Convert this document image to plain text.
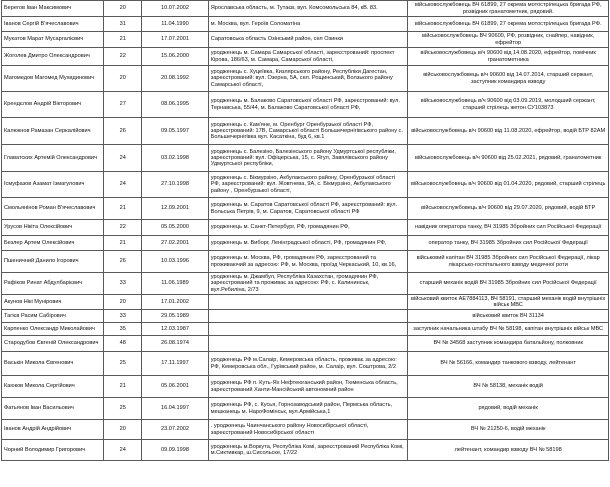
Берегов Іван Максимович	20	10.07.2002	Ярославська область, м. Тутаєв, вул. Комсомольська 84, кВ. 83.	військовослужбовець ВЧ 61899, 27 окрема мотострілецька бригада РФ, розвідник гранатометник, рядовий.
Іванов Сергій В'ячеславович	31	11.04.1990	м. Москва, вул. Героїв Соломатіна	військовослужбовець ВЧ 61899, 27 окрема мотострілецька бригада РФ.
Мукатов Марат Мусаргалієвич	21	17.07.2001	Саратовська область Озінський район, сел Озинки	військовослужбовець ВЧ 90600, РФ, розвідник, снайпер, навідник, ефрейтор
Жоголев Дмитро Олександрович	22	15.06.2000	уродженець м. Самара Самарської області, зареєстрований: проспект Кірова, 186/63, м. Самара, Самарської області,	військовослужбовець в/ч 90600 від 14.08.2020, ефрейтор, помічник гранатометника
Магомедов Магомед Мухидинович	20	20.08.1992	уродженець с. Хуцеївка, Кизлярського району, Республіки Дагестан, зареєстрований: вул. Озерна, 5А, сел. Рощинський, Волзького району Самарської області,	військовослужбовець в/ч 90600 від 14.07.2014, старший сержант, заступник командира взводу
Крендєлов Андрій Вікторович	27	08.06.1995	уродженець м. Балаково Саратовської області РФ, зареєстрований: вул. Тернавська, 55/44, м. Балаково Саратовської області РФ,	військовослужбовець в/ч 90600 від 03.09.2019, молодший сержант, старший стрілець жетон СУ103873
Калюкнов Рамазан Серкалійович	26	09.05.1997	уродженець с. Кам'яне, м. Оренбург Оренбурзької області РФ, зареєстрований: 17В, Самарської області Большечернігівського району с. Большечернігівка вул. Касаткіна, буд 6, кв.1	військовослужбовець в/ч 90600 від 11.08.2020, ефрейтор, водій БТР 82АМ
Главатских Артемій Олександрович	24	03.02.1998	уродженець с. Балезіно, Балезінського району Удмуртської республіки, зареєстрований: вул. Офіцерська, 15, с. Ягул, Завялівського району Удмуртської республіки,	військовослужбовець в/ч 90600 від 25.02.2021, рядовий, гранатометник
Ісмуфазов Азамат Ізмагулович	24	27.10.1998	уродженець с. Бікмурзіно, Акбулакського району, Оренбурзької області РФ, зареєстрований: вул. Жовтнева, 9А, с. Бікмурзіно, Акбулакського району , Оренбурзької області,	військовослужбовець в/ч 90600 від 01.04.2020, рядовий, старший стрілець
Смольянінов Роман В'ячеславович	21	12.09.2001	уродженець м. Саратов Саратовської області РФ, зареєстрований: вул. Вольська Петрів, 9, м. Саратов, Саратовської області РФ	військовослужбовець в/ч 90600 від 29.07.2020, рядовий, водій БТР
Урусов Нікіта Олексійович	22	05.05.2000	уродженець м. Санкт-Петербург, РФ, громадянин РФ,	навідник оператора танку, ВЧ 31985 Збройних сил Російської Федерації
Безлер Артем Олексійович	21	27.02.2001	уродженець м. Виборг, Ленінградської області, РФ, громадянин РФ,	оператор танку, ВЧ 31985 Збройних сил Російської Федерації
Пшеничний Данило Ігорович	26	10.03.1996	уродженець м. Москва, РФ, громадянин РФ, зареєстрований та проживаючий за адресою: РФ, м. Москва, проїзд Черкаський, 10, кв.16,	військовий капітан ВЧ 31985 Збройних сил Російської Федерації, лікар лікарсько-госпітального взводу медичної роти
Рафіков Ринат Абдулбарієвич	33	11.06.1989	уродженець м. Джамбул, Республіка Казахстан, громадянин РФ, зареєстрований та проживає за адресою: РФ, с. Калининськ, вул.Ребиліна, 2/73	старший механік водій ВЧ 31985 Збройних сил Російської Федерації
Акунов Нікі Мунірович	20	17.01.2002		військовий квиток АЕ7884113, ВЧ 58191, старший механік водій внутрішніх військ МВС
Тагієв Расим Сабірович	33	29.05.1989		військовий квиток ВЧ 31134
Карпенко Олександр Миколайович	35	12.03.1987		заступник начальника штабу ВЧ № 58198, капітан внутрішніх військ МВС
Стародубов Євгеній Олександрович	48	26.08.1974		ВЧ № 34568 заступник командира батальйону, полковник
Васькін Микола Євгенович	25	17.11.1997	уродженець РФ м.Салаір, Кемеровська область, проживає за адресою: РФ, Кемеровська обл., Гурївський район, м. Салаір, вул. Соштрова, 2/2	ВЧ № 56166, командир танкового взводу, лейтенант
Каюков Микола Сергійович	21	05.06.2001	уродженець РФ п. Куть-Ях Нефтеюганський район, Тюменська область, зареєстрований Ханти-Мансійський автономний район	ВЧ № 58138, механік водій
Фатьянов Іван Васильович	25	16.04.1997	уродженець РФ, с. Кусья, Горнозаводський район, Пермська область, мешканець м. НароФомінськ, вул.Армійська,1	рядовий, водій механік
Іванов Андрій Андрійович	20	23.07.2002	. уродженець Чаинчанського району Новосибірської області, зареєстрований Новосибірської області	ВЧ № 21250-6, водій механік
Чорний Володимир Григорович	24	09.09.1998	уродженець м.Воркута, Республіка Комі, зареєстрований Республіка Комі, м.Сиктивкар, ш.Сисольске, 17/22	лейтенант, командир взводу ВЧ № 58198
